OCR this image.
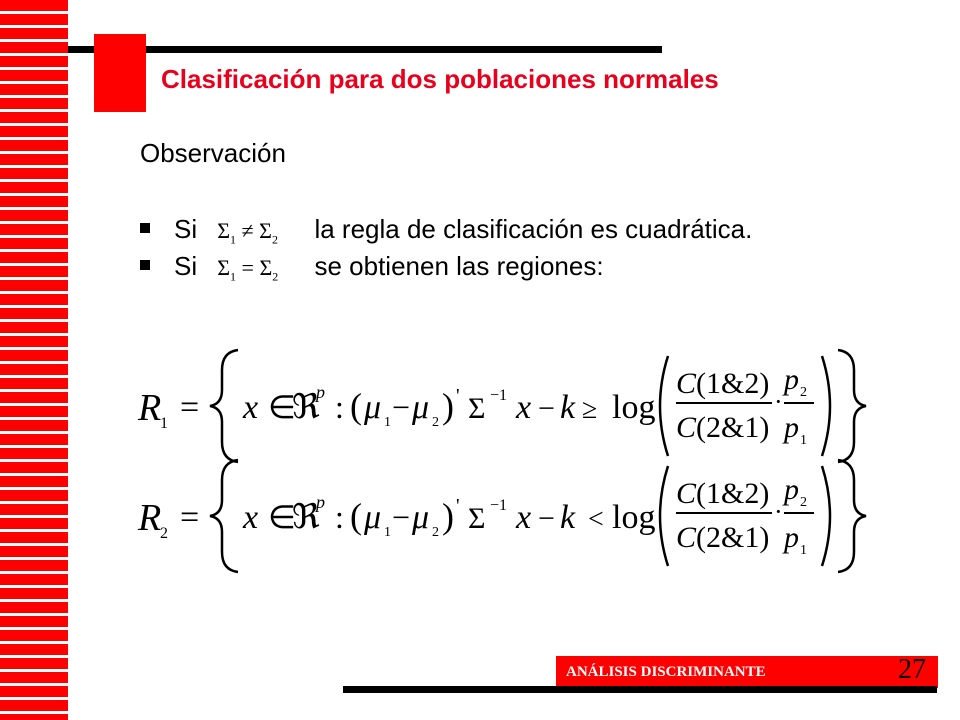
Clasificación para dos poblaciones normales
Observación
Si $\Sigma_1 \ne \Sigma_2$ la regla de clasificación es cuadrática.
Si $\Sigma_1 = \Sigma_2$ se obtienen las regiones:
R
1 = x ∈
ℜ
p : ( μ 1 − μ 2 ) ' Σ −1 x − k ≥ log
C (1&2)
C (2&1)
·
p 2
p 1
R
2 = x ∈
ℜ
p : ( μ 1 − μ 2 ) ' Σ −1 x − k < log
C (1&2)
C (2&1)
·
p 2
p 1
ANÁLISIS DISCRIMINANTE	27
